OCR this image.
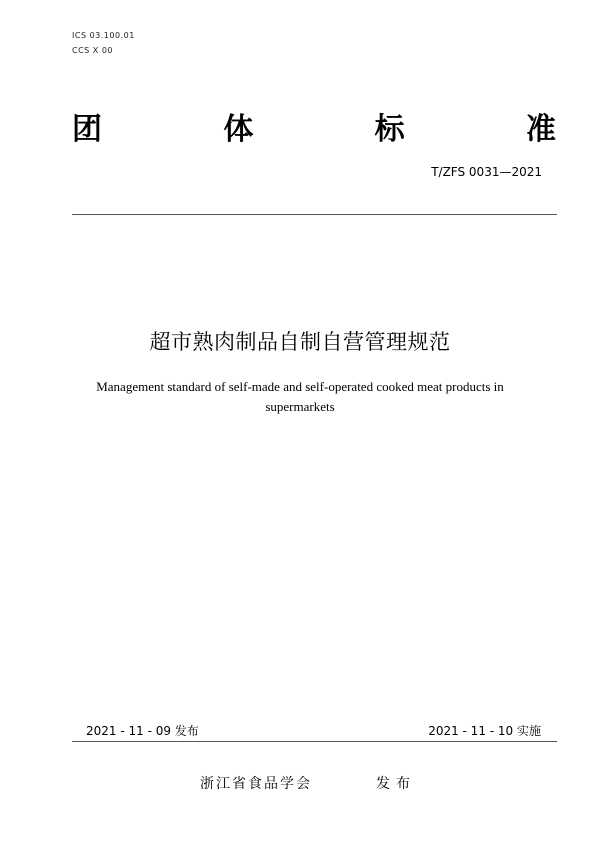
ICS 03.100.01
CCS X 00
团	体	标	准
T/ZFS 0031—2021
超市熟肉制品自制自营管理规范
Management standard of self-made and self-operated cooked meat products in
supermarkets
2021 - 11 - 09 发布	2021 - 11 - 10 实施
浙江省食品学会	发布
